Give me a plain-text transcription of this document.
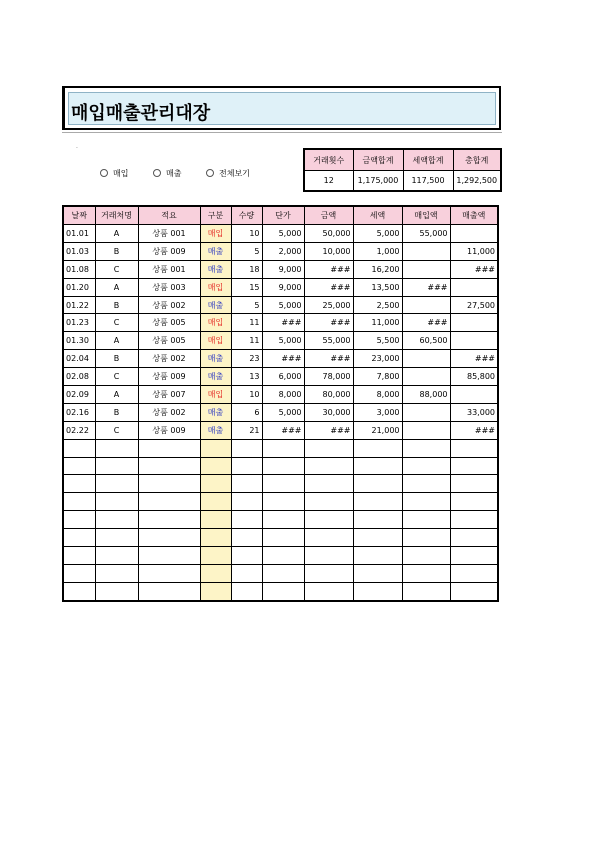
매입매출관리대장
·
매입	매출	전체보기
거래횟수	금액합계	세액합계	총합계
12	1,175,000	117,500	1,292,500
날짜	거래처명	적요	구분	수량	단가	금액	세액	매입액	매출액
01.01	A	상품 001	매입	10	5,000	50,000	5,000	55,000	
01.03	B	상품 009	매출	5	2,000	10,000	1,000		11,000
01.08	C	상품 001	매출	18	9,000	###	16,200		###
01.20	A	상품 003	매입	15	9,000	###	13,500	###	
01.22	B	상품 002	매출	5	5,000	25,000	2,500		27,500
01.23	C	상품 005	매입	11	###	###	11,000	###	
01.30	A	상품 005	매입	11	5,000	55,000	5,500	60,500	
02.04	B	상품 002	매출	23	###	###	23,000		###
02.08	C	상품 009	매출	13	6,000	78,000	7,800		85,800
02.09	A	상품 007	매입	10	8,000	80,000	8,000	88,000	
02.16	B	상품 002	매출	6	5,000	30,000	3,000		33,000
02.22	C	상품 009	매출	21	###	###	21,000		###
